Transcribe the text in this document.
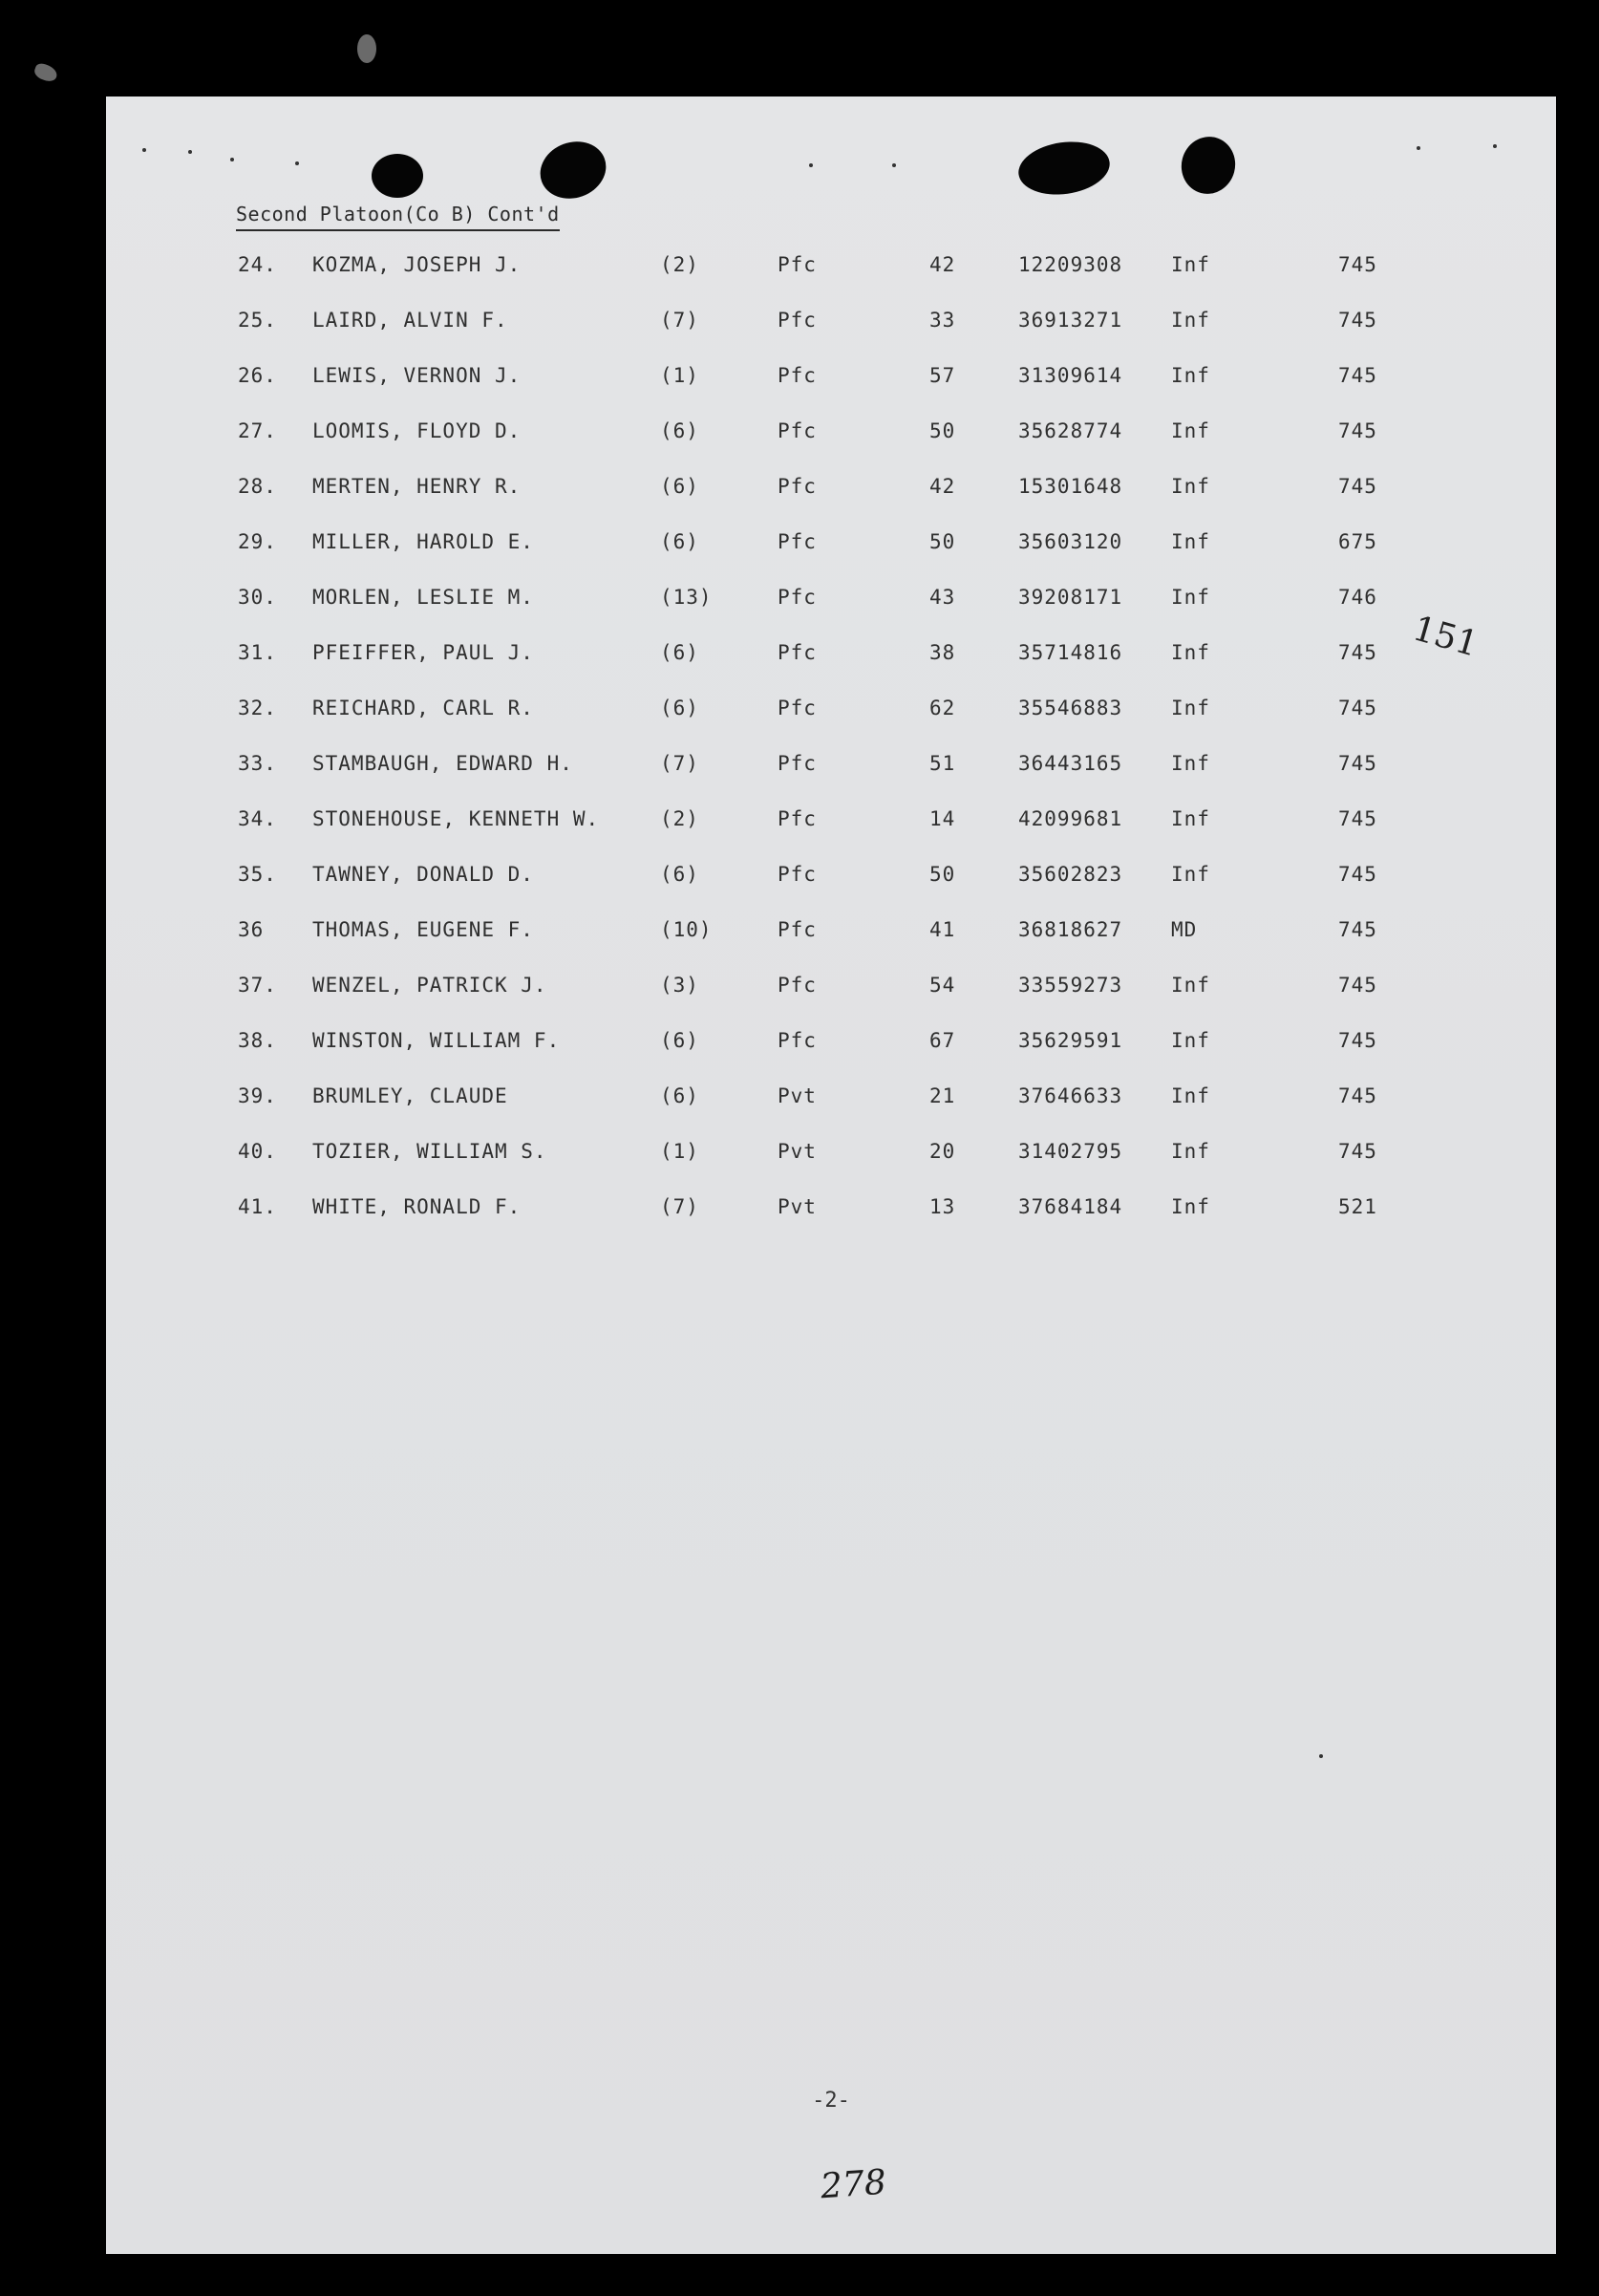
Second Platoon(Co B) Cont'd
24. KOZMA, JOSEPH J.	(2)	Pfc	42	12209308 Inf	745
25. LAIRD, ALVIN F.	(7)	Pfc	33	36913271 Inf	745
26. LEWIS, VERNON J.	(1)	Pfc	57	31309614 Inf	745
27. LOOMIS, FLOYD D.	(6)	Pfc	50	35628774 Inf	745
28. MERTEN, HENRY R.	(6)	Pfc	42	15301648 Inf	745
29. MILLER, HAROLD E.	(6)	Pfc	50	35603120 Inf	675
30. MORLEN, LESLIE M.	(13)	Pfc	43	39208171 Inf	746
31. PFEIFFER, PAUL J.	(6)	Pfc	38	35714816 Inf	745
32. REICHARD, CARL R.	(6)	Pfc	62	35546883 Inf	745
33. STAMBAUGH, EDWARD H.	(7)	Pfc	51	36443165 Inf	745
34. STONEHOUSE, KENNETH W.	(2)	Pfc	14	42099681 Inf	745
35. TAWNEY, DONALD D.	(6)	Pfc	50	35602823 Inf	745
36 THOMAS, EUGENE F.	(10)	Pfc	41	36818627 MD	745
37. WENZEL, PATRICK J.	(3)	Pfc	54	33559273 Inf	745
38. WINSTON, WILLIAM F.	(6)	Pfc	67	35629591 Inf	745
39. BRUMLEY, CLAUDE	(6)	Pvt	21	37646633 Inf	745
40. TOZIER, WILLIAM S.	(1)	Pvt	20	31402795 Inf	745
41. WHITE, RONALD F.	(7)	Pvt	13	37684184 Inf	521
151
-2-
278
